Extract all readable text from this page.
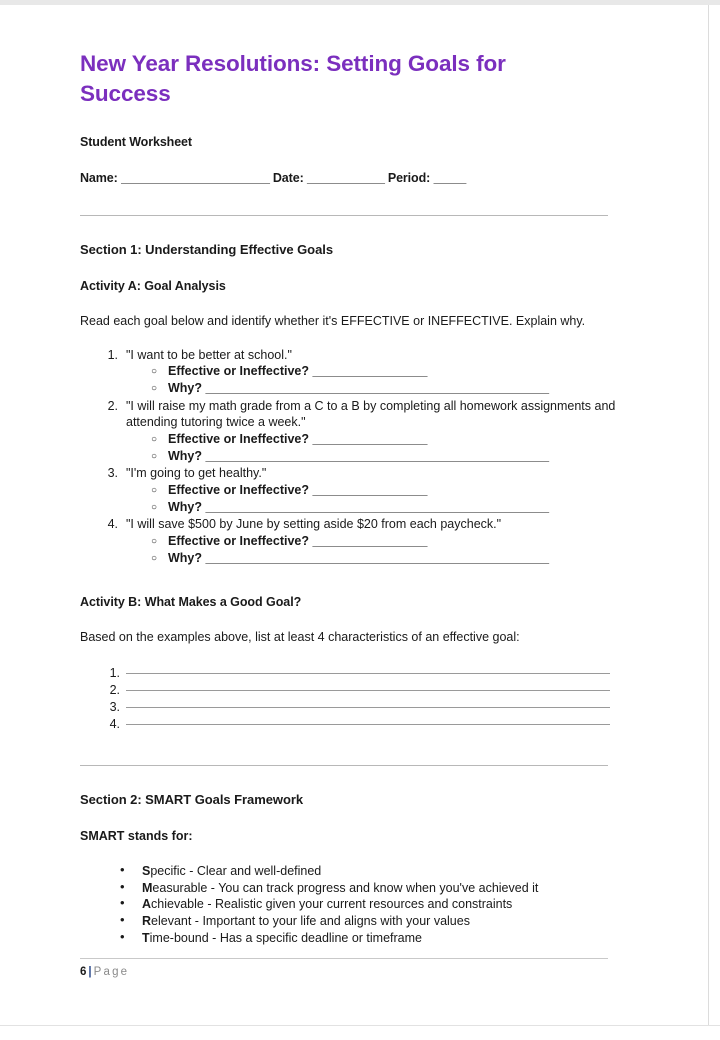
New Year Resolutions: Setting Goals for Success

Student Worksheet

Name: _______________________ Date: ____________ Period: _____

Section 1: Understanding Effective Goals
Activity A: Goal Analysis

Read each goal below and identify whether it's EFFECTIVE or INEFFECTIVE. Explain why.

1. "I want to be better at school."
○ Effective or Ineffective? __________________
○ Why? ______________________________________________________
2. "I will raise my math grade from a C to a B by completing all homework assignments and attending tutoring twice a week."
○ Effective or Ineffective? __________________
○ Why? ______________________________________________________
3. "I'm going to get healthy."
○ Effective or Ineffective? __________________
○ Why? ______________________________________________________
4. "I will save $500 by June by setting aside $20 from each paycheck."
○ Effective or Ineffective? __________________
○ Why? ______________________________________________________
Activity B: What Makes a Good Goal?

Based on the examples above, list at least 4 characteristics of an effective goal:

1.
2.
3.
4.
Section 2: SMART Goals Framework

SMART stands for:

• Specific - Clear and well-defined
• Measurable - You can track progress and know when you've achieved it
• Achievable - Realistic given your current resources and constraints
• Relevant - Important to your life and aligns with your values
• Time-bound - Has a specific deadline or timeframe
6 | Page
